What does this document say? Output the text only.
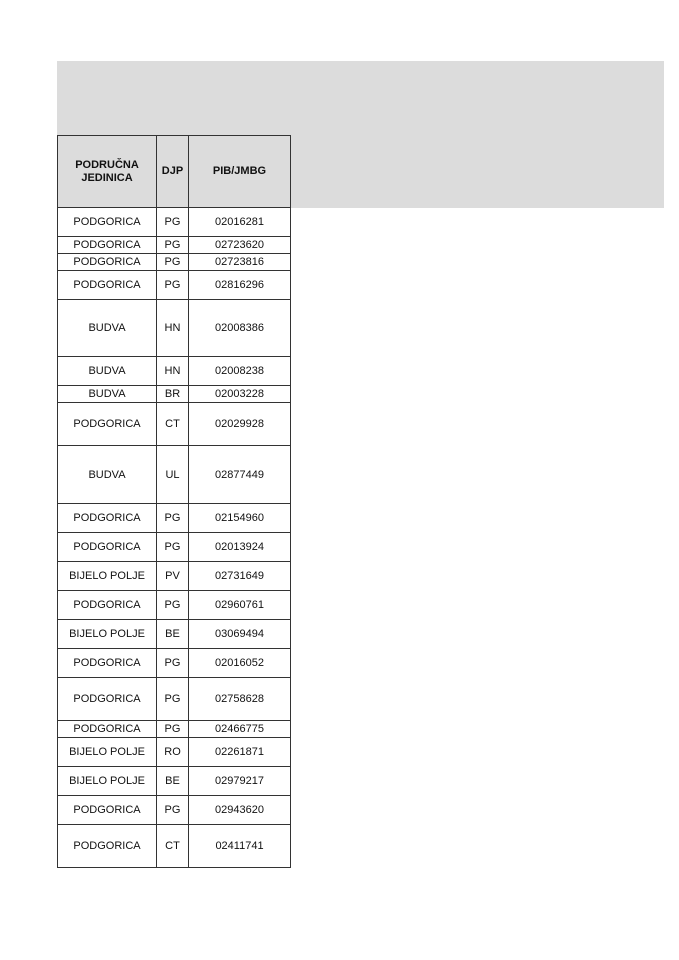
PODRUČNA JEDINICA	DJP	PIB/JMBG
PODGORICA	PG	02016281
PODGORICA	PG	02723620
PODGORICA	PG	02723816
PODGORICA	PG	02816296
BUDVA	HN	02008386
BUDVA	HN	02008238
BUDVA	BR	02003228
PODGORICA	CT	02029928
BUDVA	UL	02877449
PODGORICA	PG	02154960
PODGORICA	PG	02013924
BIJELO POLJE	PV	02731649
PODGORICA	PG	02960761
BIJELO POLJE	BE	03069494
PODGORICA	PG	02016052
PODGORICA	PG	02758628
PODGORICA	PG	02466775
BIJELO POLJE	RO	02261871
BIJELO POLJE	BE	02979217
PODGORICA	PG	02943620
PODGORICA	CT	02411741
